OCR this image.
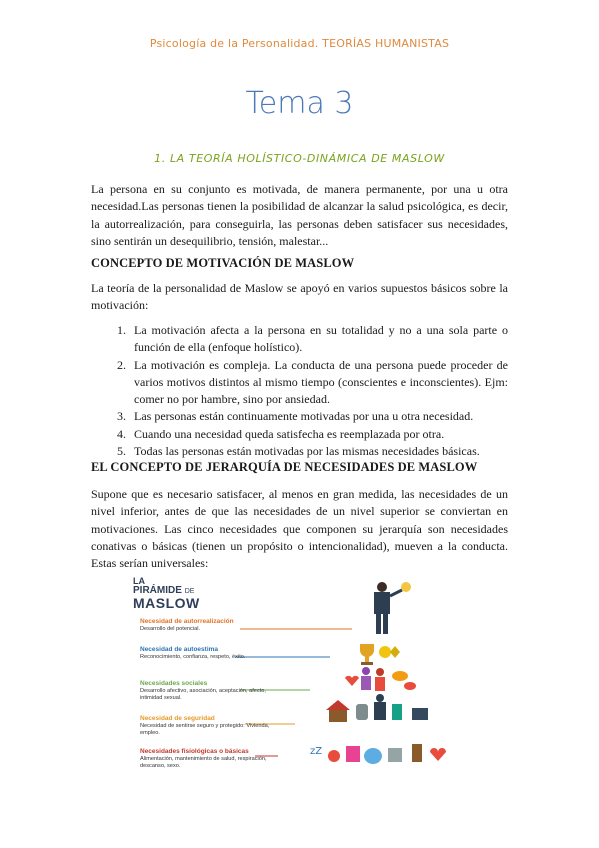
Psicología de la Personalidad. TEORÍAS HUMANISTAS
Tema 3
1. LA TEORÍA HOLÍSTICO-DINÁMICA DE MASLOW
La persona en su conjunto es motivada, de manera permanente, por una u otra necesidad.Las personas tienen la posibilidad de alcanzar la salud psicológica, es decir, la autorrealización, para conseguirla, las personas deben satisfacer sus necesidades, sino sentirán un desequilibrio, tensión, malestar...
CONCEPTO DE MOTIVACIÓN DE MASLOW
La teoría de la personalidad de Maslow se apoyó en varios supuestos básicos sobre la motivación:
1. La motivación afecta a la persona en su totalidad y no a una sola parte o función de ella (enfoque holístico).
2. La motivación es compleja. La conducta de una persona puede proceder de varios motivos distintos al mismo tiempo (conscientes e inconscientes). Ejm: comer no por hambre, sino por ansiedad.
3. Las personas están continuamente motivadas por una u otra necesidad.
4. Cuando una necesidad queda satisfecha es reemplazada por otra.
5. Todas las personas están motivadas por las mismas necesidades básicas.
EL CONCEPTO DE JERARQUÍA DE NECESIDADES DE MASLOW
Supone que es necesario satisfacer, al menos en gran medida, las necesidades de un nivel inferior, antes de que las necesidades de un nivel superior se conviertan en motivaciones. Las cinco necesidades que componen su jerarquía son necesidades conativas o básicas (tienen un propósito o intencionalidad), mueven a la conducta. Estas serían universales:
zZ
LA
PIRÁMIDE DE
MASLOW
Necesidad de autorrealización
Desarrollo del potencial.
Necesidad de autoestima
Reconocimiento, confianza, respeto, éxito.
Necesidades sociales
Desarrollo afectivo, asociación, aceptación, afecto, intimidad sexual.
Necesidad de seguridad
Necesidad de sentirse seguro y protegido: Vivienda, empleo.
Necesidades fisiológicas o básicas
Alimentación, mantenimiento de salud, respiración, descanso, sexo.
